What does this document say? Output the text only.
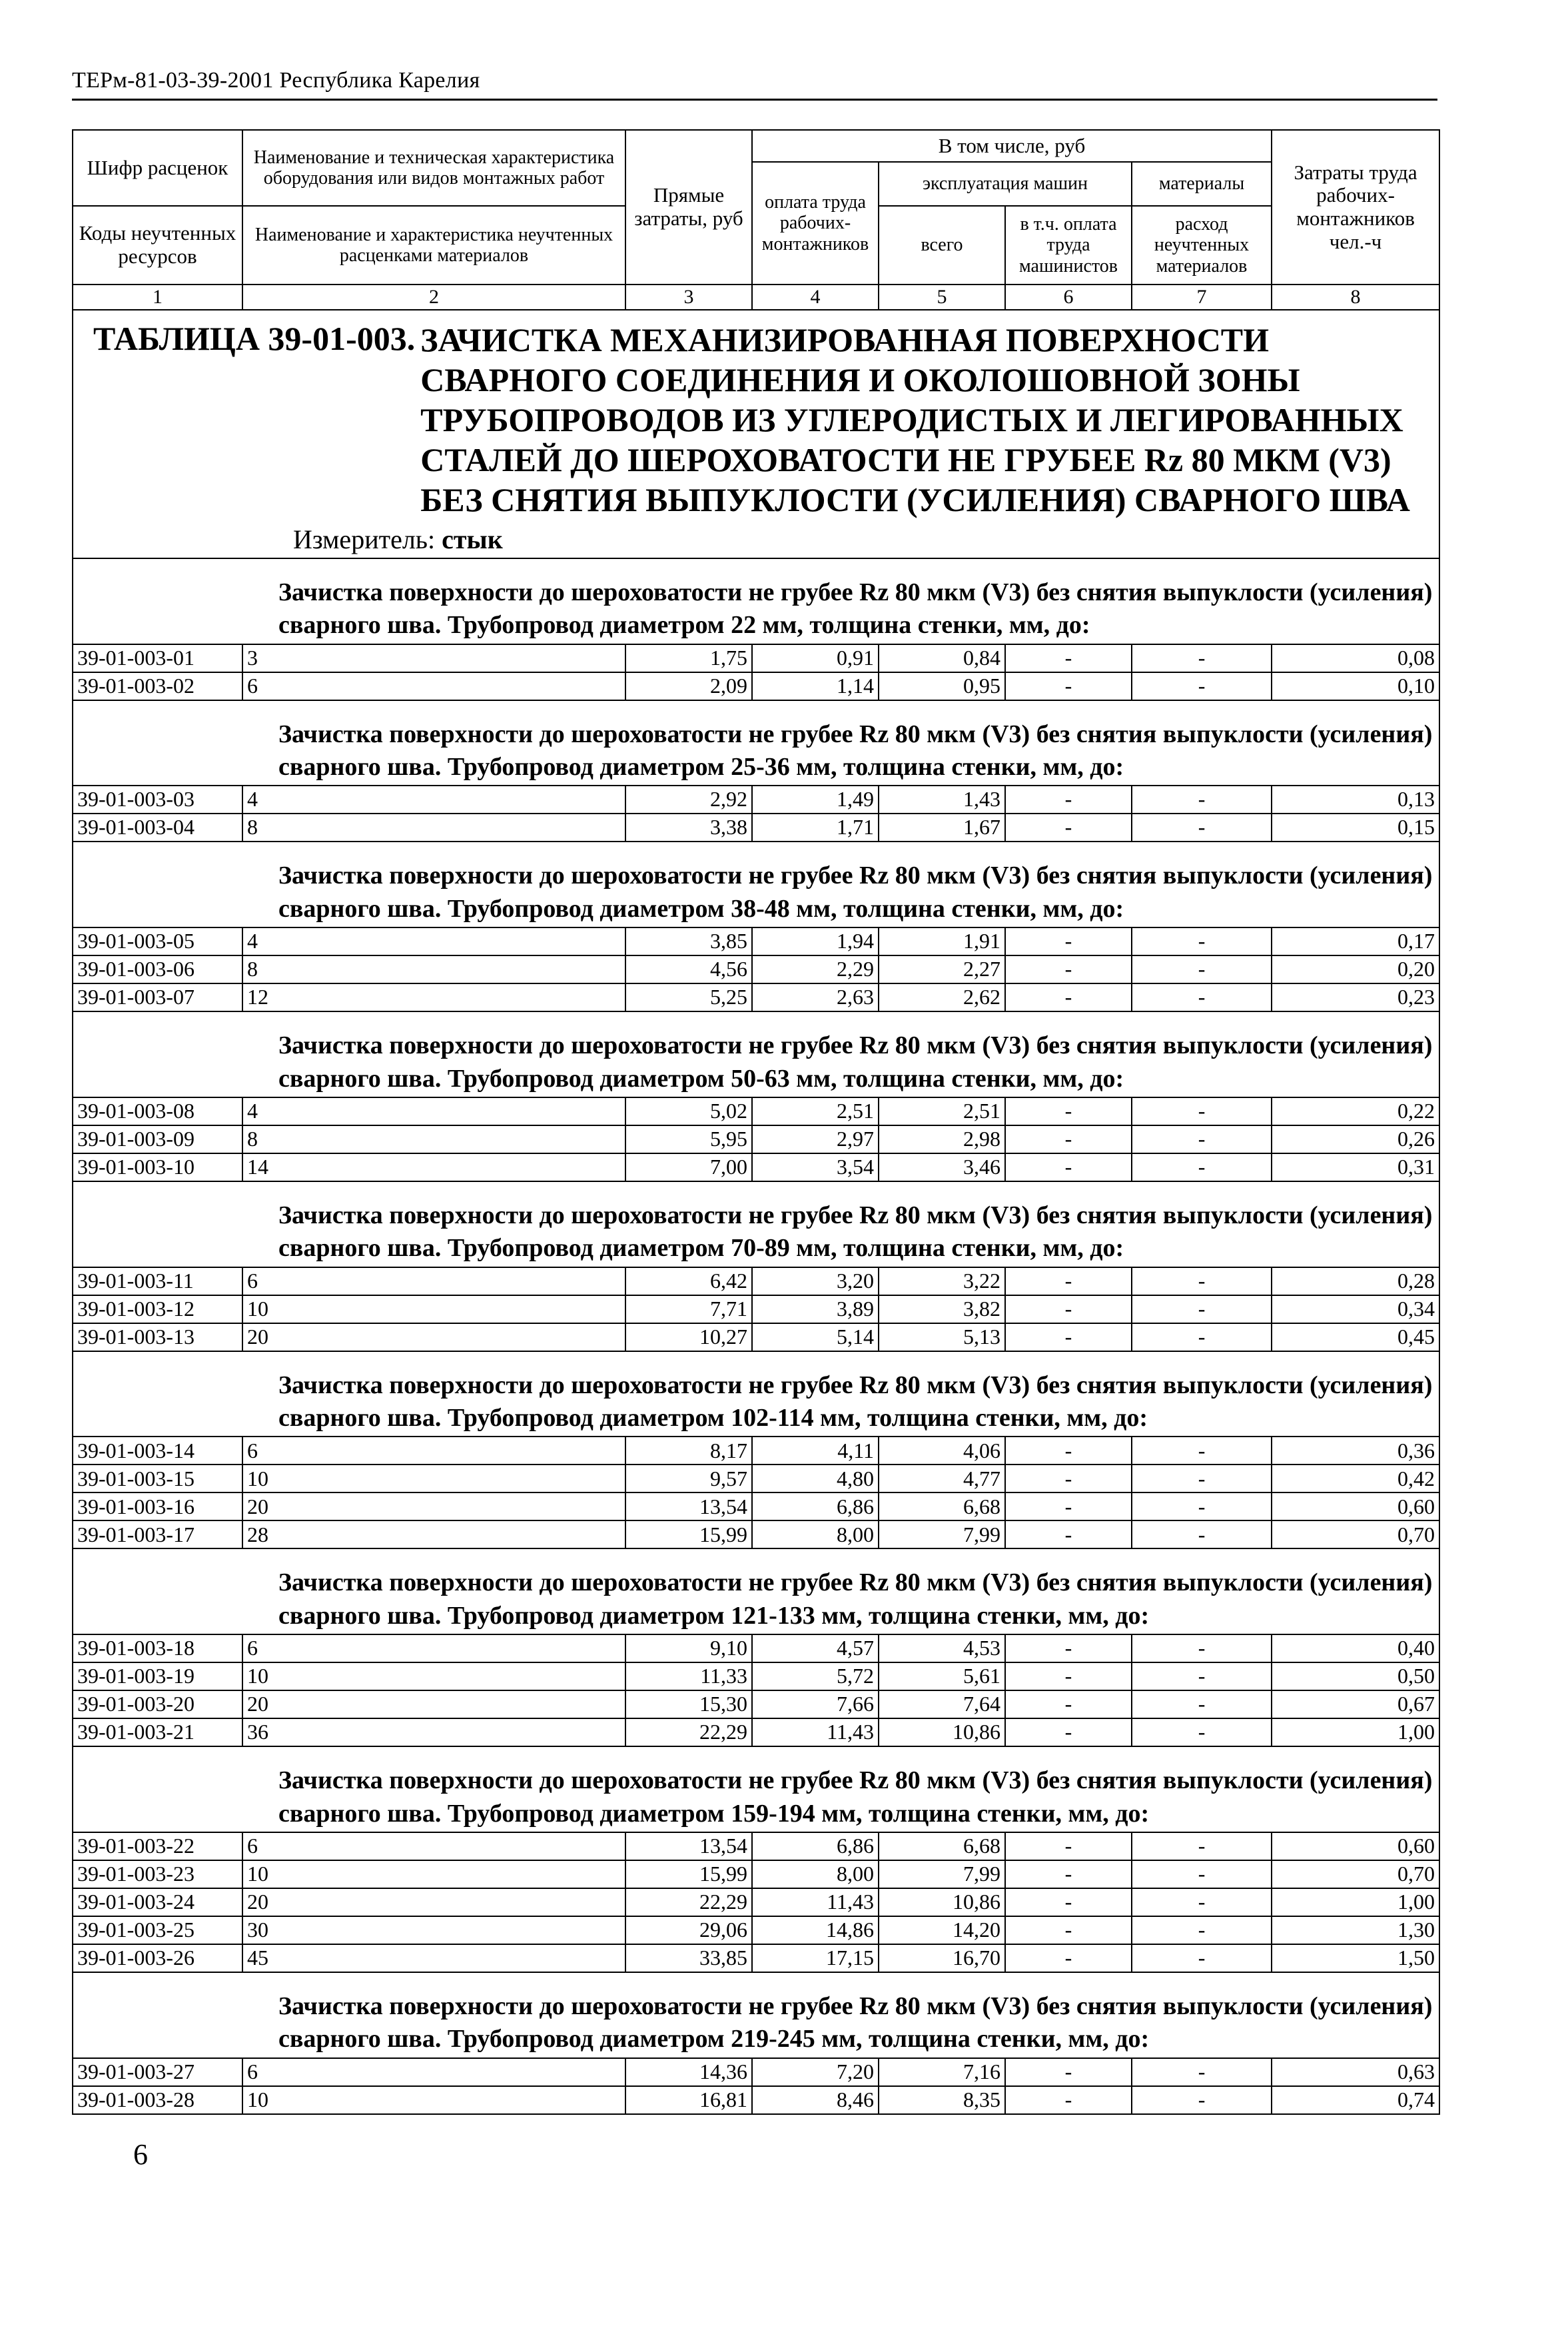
ТЕРм-81-03-39-2001 Республика Карелия
Шифр расценок	Наименование и техническая характеристика оборудования или видов монтажных работ	Прямые затраты, руб	В том числе, руб				Затраты труда рабочих-монтажников чел.-ч
			оплата труда рабочих-монтажников	эксплуатация машин		материалы	

Коды неучтенных ресурсов	Наименование и характеристика неучтенных расценками материалов			всего	в т.ч. оплата труда машинистов	расход неучтенных материалов	

1	2	3	4	5	6	7	8

ТАБЛИЦА 39-01-003. ЗАЧИСТКА МЕХАНИЗИРОВАННАЯ ПОВЕРХНОСТИ СВАРНОГО СОЕДИНЕНИЯ И ОКОЛОШОВНОЙ ЗОНЫ ТРУБОПРОВОДОВ ИЗ УГЛЕРОДИСТЫХ И ЛЕГИРОВАННЫХ СТАЛЕЙ ДО ШЕРОХОВАТОСТИ НЕ ГРУБЕЕ Rz 80 МКМ (V3) БЕЗ СНЯТИЯ ВЫПУКЛОСТИ (УСИЛЕНИЯ) СВАРНОГО ШВА
Измеритель: стык							

Зачистка поверхности до шероховатости не грубее Rz 80 мкм (V3) без снятия выпуклости (усиления) сварного шва. Трубопровод диаметром 22 мм, толщина стенки, мм, до:							

39-01-003-01	3	1,75	0,91	0,84	-	-	0,08
39-01-003-02	6	2,09	1,14	0,95	-	-	0,10

Зачистка поверхности до шероховатости не грубее Rz 80 мкм (V3) без снятия выпуклости (усиления) сварного шва. Трубопровод диаметром 25-36 мм, толщина стенки, мм, до:							

39-01-003-03	4	2,92	1,49	1,43	-	-	0,13
39-01-003-04	8	3,38	1,71	1,67	-	-	0,15

Зачистка поверхности до шероховатости не грубее Rz 80 мкм (V3) без снятия выпуклости (усиления) сварного шва. Трубопровод диаметром 38-48 мм, толщина стенки, мм, до:							

39-01-003-05	4	3,85	1,94	1,91	-	-	0,17
39-01-003-06	8	4,56	2,29	2,27	-	-	0,20
39-01-003-07	12	5,25	2,63	2,62	-	-	0,23

Зачистка поверхности до шероховатости не грубее Rz 80 мкм (V3) без снятия выпуклости (усиления) сварного шва. Трубопровод диаметром 50-63 мм, толщина стенки, мм, до:							

39-01-003-08	4	5,02	2,51	2,51	-	-	0,22
39-01-003-09	8	5,95	2,97	2,98	-	-	0,26
39-01-003-10	14	7,00	3,54	3,46	-	-	0,31

Зачистка поверхности до шероховатости не грубее Rz 80 мкм (V3) без снятия выпуклости (усиления) сварного шва. Трубопровод диаметром 70-89 мм, толщина стенки, мм, до:							

39-01-003-11	6	6,42	3,20	3,22	-	-	0,28
39-01-003-12	10	7,71	3,89	3,82	-	-	0,34
39-01-003-13	20	10,27	5,14	5,13	-	-	0,45

Зачистка поверхности до шероховатости не грубее Rz 80 мкм (V3) без снятия выпуклости (усиления) сварного шва. Трубопровод диаметром 102-114 мм, толщина стенки, мм, до:							

39-01-003-14	6	8,17	4,11	4,06	-	-	0,36
39-01-003-15	10	9,57	4,80	4,77	-	-	0,42
39-01-003-16	20	13,54	6,86	6,68	-	-	0,60
39-01-003-17	28	15,99	8,00	7,99	-	-	0,70

Зачистка поверхности до шероховатости не грубее Rz 80 мкм (V3) без снятия выпуклости (усиления) сварного шва. Трубопровод диаметром 121-133 мм, толщина стенки, мм, до:							

39-01-003-18	6	9,10	4,57	4,53	-	-	0,40
39-01-003-19	10	11,33	5,72	5,61	-	-	0,50
39-01-003-20	20	15,30	7,66	7,64	-	-	0,67
39-01-003-21	36	22,29	11,43	10,86	-	-	1,00

Зачистка поверхности до шероховатости не грубее Rz 80 мкм (V3) без снятия выпуклости (усиления) сварного шва. Трубопровод диаметром 159-194 мм, толщина стенки, мм, до:							

39-01-003-22	6	13,54	6,86	6,68	-	-	0,60
39-01-003-23	10	15,99	8,00	7,99	-	-	0,70
39-01-003-24	20	22,29	11,43	10,86	-	-	1,00
39-01-003-25	30	29,06	14,86	14,20	-	-	1,30
39-01-003-26	45	33,85	17,15	16,70	-	-	1,50

Зачистка поверхности до шероховатости не грубее Rz 80 мкм (V3) без снятия выпуклости (усиления) сварного шва. Трубопровод диаметром 219-245 мм, толщина стенки, мм, до:							

39-01-003-27	6	14,36	7,20	7,16	-	-	0,63
39-01-003-28	10	16,81	8,46	8,35	-	-	0,74
6
